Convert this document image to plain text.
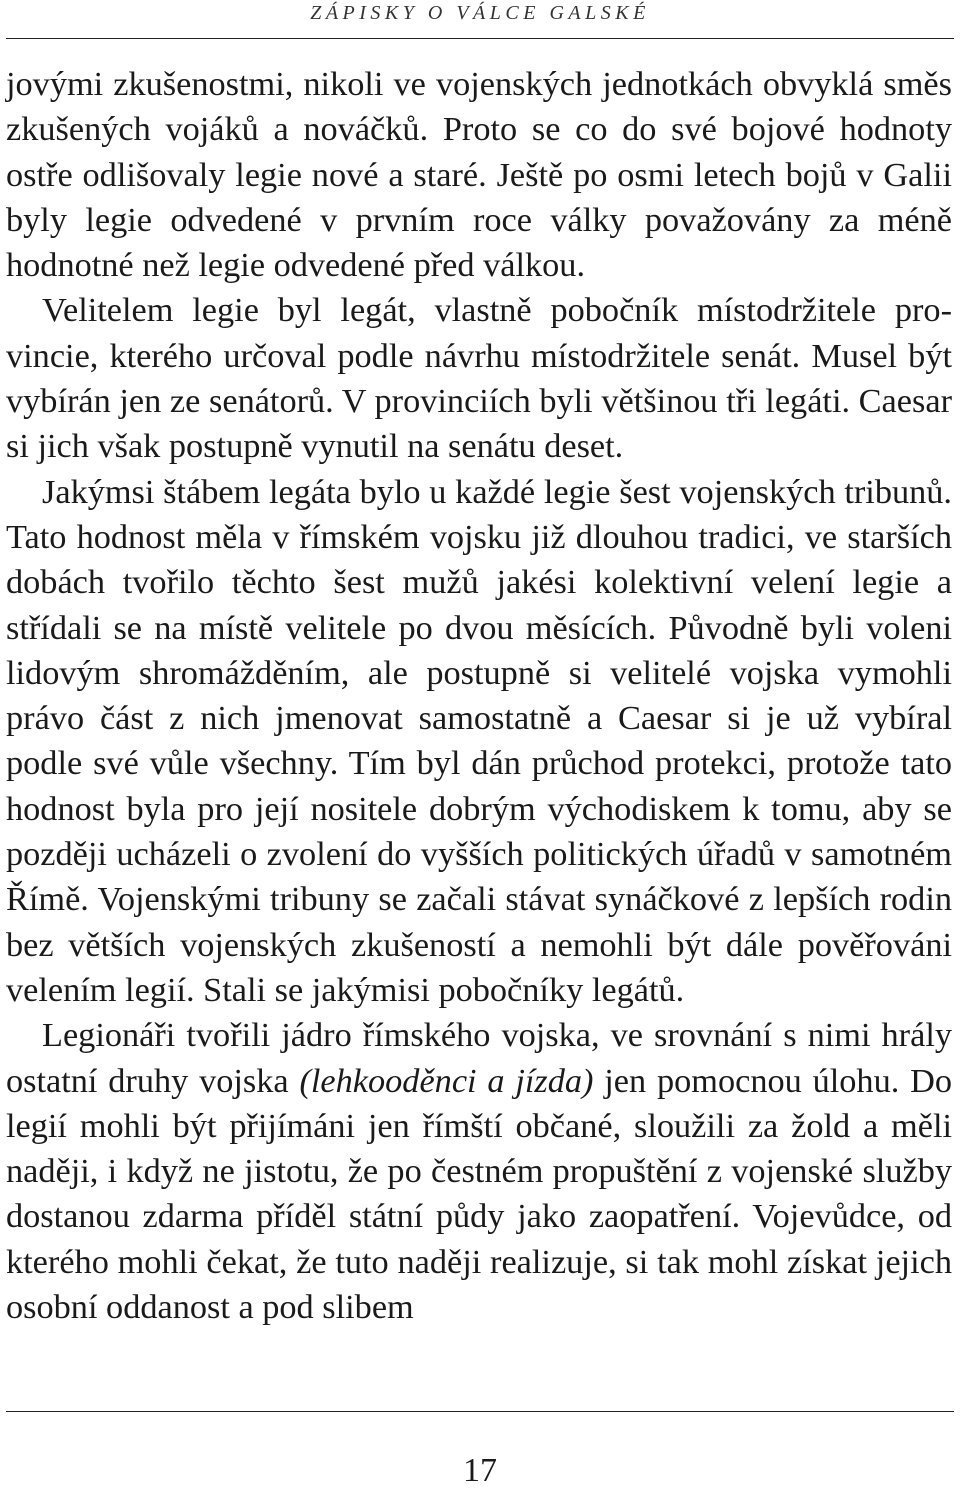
ZÁPISKY O VÁLCE GALSKÉ

jovými zkušenostmi, nikoli ve vojenských jednotkách obvyklá směs zkušených vojáků a nováčků. Proto se co do své bojové hodnoty ostře odlišovaly legie nové a staré. Ještě po osmi letech bojů v Galii byly legie odvedené v prvním roce války považovány za méně hodnotné než legie odvedené před válkou.

Velitelem legie byl legát, vlastně pobočník místodržitele provincie, kterého určoval podle návrhu místodržitele senát. Musel být vybírán jen ze senátorů. V provinciích byli většinou tři legáti. Caesar si jich však postupně vynutil na senátu deset.

Jakýmsi štábem legáta bylo u každé legie šest vojenských tribunů. Tato hodnost měla v římském vojsku již dlouhou tradici, ve starších dobách tvořilo těchto šest mužů jakési kolektivní velení legie a střídali se na místě velitele po dvou měsících. Původně byli voleni lidovým shromážděním, ale postupně si velitelé vojska vymohli právo část z nich jmenovat samostatně a Caesar si je už vybíral podle své vůle všechny. Tím byl dán průchod protekci, protože tato hodnost byla pro její nositele dobrým východiskem k tomu, aby se později ucházeli o zvolení do vyšších politických úřadů v samotném Římě. Vojenskými tribuny se začali stávat synáčkové z lepších rodin bez větších vojenských zkušeností a nemohli být dále pověřováni velením legií. Stali se jakýmisi pobočníky legátů.

Legionáři tvořili jádro římského vojska, ve srovnání s nimi hrály ostatní druhy vojska (lehkooděnci a jízda) jen pomocnou úlohu. Do legií mohli být přijímáni jen římští občané, sloužili za žold a měli naději, i když ne jistotu, že po čestném propuštění z vojenské služby dostanou zdarma příděl státní půdy jako zaopatření. Vojevůdce, od kterého mohli čekat, že tuto naději realizuje, si tak mohl získat jejich osobní oddanost a pod slibem

17
